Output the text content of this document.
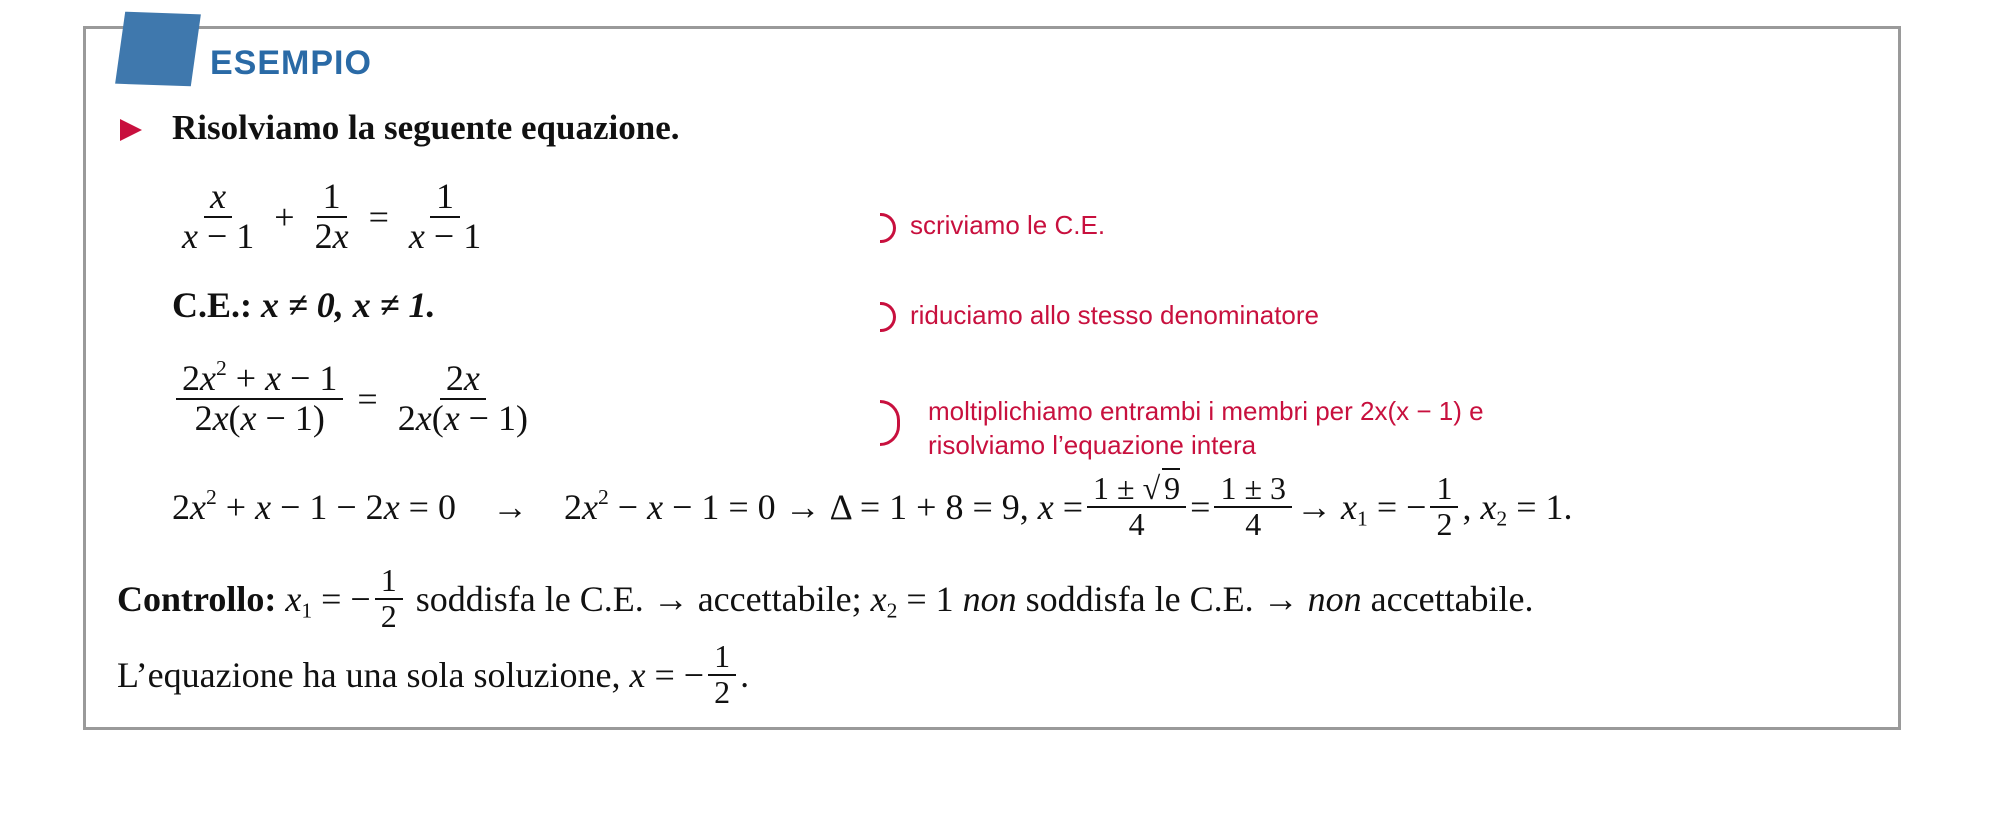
ESEMPIO
Risolviamo la seguente equazione.
$\frac{x}{x - 1} + \frac{1}{2x} = \frac{1}{x - 1}$
C.E.:
x ≠ 0, x ≠ 1.
$\frac{2x^2 + x - 1}{2x(x - 1)} = \frac{2x}{2x(x - 1)}$
scriviamo le C.E.
riduciamo allo stesso denominatore
moltiplichiamo entrambi i membri per 2x(x − 1) e
risolviamo l’equazione intera
$2x^2 + x - 1 - 2x = 0 \to 2x^2 - x - 1 = 0 \to \Delta = 1 + 8 = 9$, $x = \frac{1 \pm √ 9}{4} = \frac{1 \pm 3}{4} \to x_1$ = − $\frac{1}{2}$ , $x_2 = 1$.
Controllo: $x_1$ = − $\frac{1}{2}$
soddisfa le C.E. → accettabile; $x_2 = 1$ non
soddisfa le C.E. →
non
accettabile.
L’equazione ha una sola soluzione, x = − $\frac{1}{2}$ .
